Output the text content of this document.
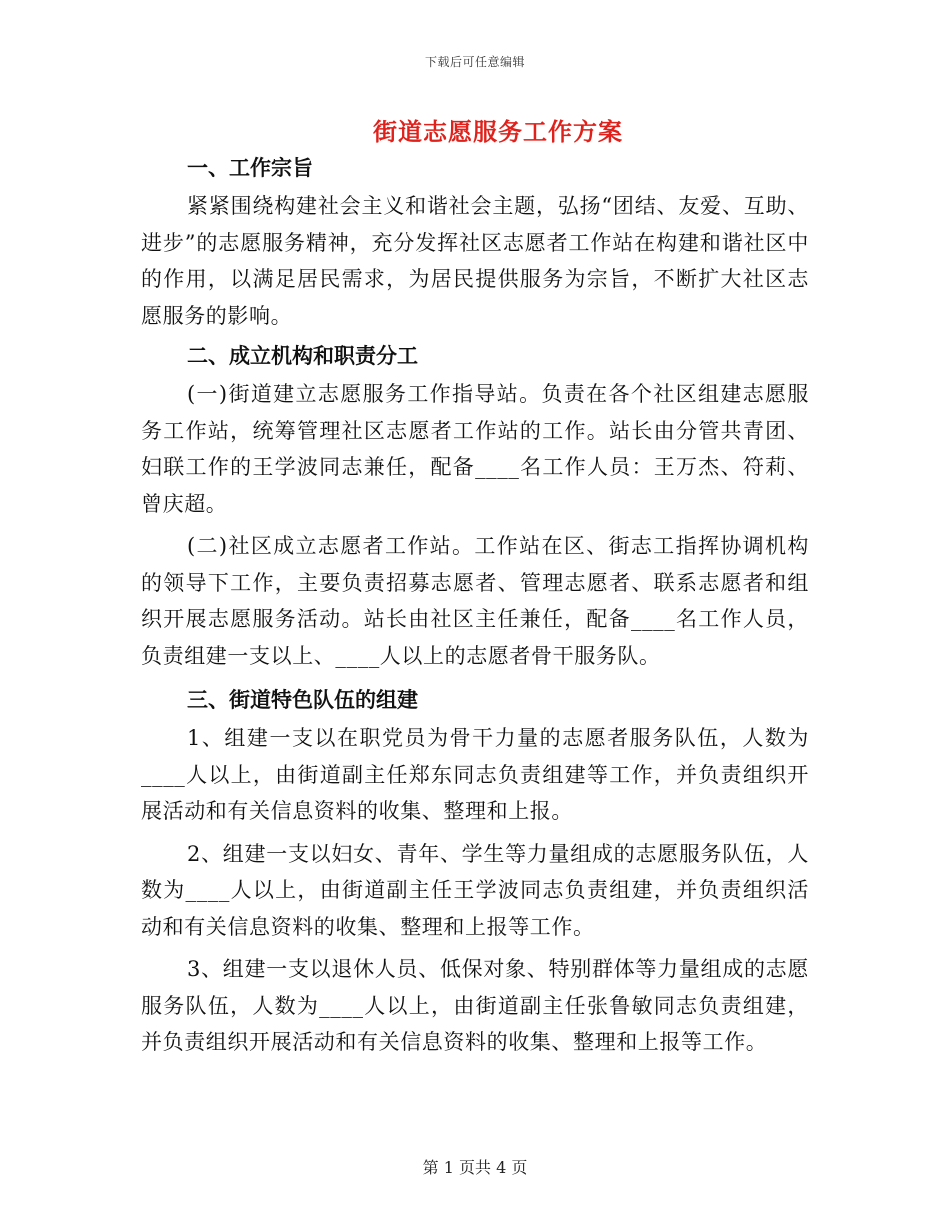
下载后可任意编辑
街道志愿服务工作方案

一、工作宗旨

紧紧围绕构建社会主义和谐社会主题，弘扬“团结、友爱、互助、进步”的志愿服务精神，充分发挥社区志愿者工作站在构建和谐社区中的作用，以满足居民需求，为居民提供服务为宗旨，不断扩大社区志愿服务的影响。

二、成立机构和职责分工

(一)街道建立志愿服务工作指导站。负责在各个社区组建志愿服务工作站，统筹管理社区志愿者工作站的工作。站长由分管共青团、妇联工作的王学波同志兼任，配备____名工作人员：王万杰、符莉、曾庆超。

(二)社区成立志愿者工作站。工作站在区、街志工指挥协调机构的领导下工作，主要负责招募志愿者、管理志愿者、联系志愿者和组织开展志愿服务活动。站长由社区主任兼任，配备____名工作人员，负责组建一支以上、____人以上的志愿者骨干服务队。

三、街道特色队伍的组建

1、组建一支以在职党员为骨干力量的志愿者服务队伍，人数为____人以上，由街道副主任郑东同志负责组建等工作，并负责组织开展活动和有关信息资料的收集、整理和上报。

2、组建一支以妇女、青年、学生等力量组成的志愿服务队伍，人数为____人以上，由街道副主任王学波同志负责组建，并负责组织活动和有关信息资料的收集、整理和上报等工作。

3、组建一支以退休人员、低保对象、特别群体等力量组成的志愿服务队伍，人数为____人以上，由街道副主任张鲁敏同志负责组建，并负责组织开展活动和有关信息资料的收集、整理和上报等工作。

第 1 页共 4 页
